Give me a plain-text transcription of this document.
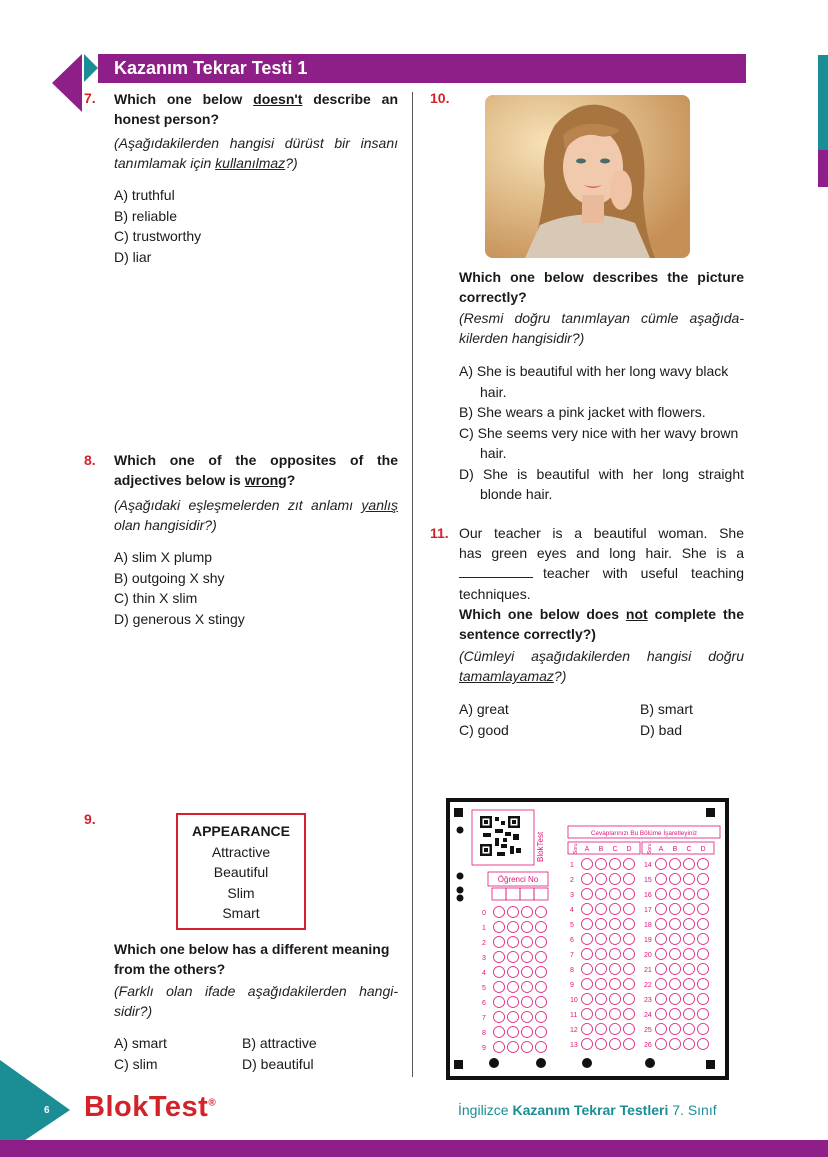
Kazanım Tekrar Testi 1
7. Which one below doesn't describe an
honest person?
(Aşağıdakilerden hangisi dürüst bir insanı
tanımlamak için kullanılmaz?)
A) truthful
B) reliable
C) trustworthy
D) liar
8. Which one of the opposites of the
adjectives below is wrong?
(Aşağıdaki eşleşmelerden zıt anlamı yanlış
olan hangisidir?)
A) slim X plump
B) outgoing X shy
C) thin X slim
D) generous X stingy
9.
APPEARANCE
Attractive
Beautiful
Slim
Smart
Which one below has a different meaning
from the others?
(Farklı olan ifade aşağıdakilerden hangi-
sidir?)
A) smart
C) slim
B) attractive
D) beautiful
10.
Which one below describes the picture
correctly?
(Resmi doğru tanımlayan cümle aşağıda-
kilerden hangisidir?)
A) She is beautiful with her long wavy black
hair.
B) She wears a pink jacket with flowers.
C) She seems very nice with her wavy brown
hair.
D) She is beautiful with her long straight
blonde hair.
11. Our teacher is a beautiful woman. She
has green eyes and long hair. She is a
teacher with useful teaching
techniques.
Which one below does not complete the
sentence correctly?)
(Cümleyi aşağıdakilerden hangisi doğru
tamamlayamaz?)
A) great
C) good
B) smart
D) bad
BlokTest
Öğrenci No
0
1
2
3
4
5
6
7
8
9
Cevaplarınızı Bu Bölüme İşaretleyiniz
Soru A B C D
1
2
3
4
5
6
7
8
9
10
11
12
13
Soru A B C D
14
15
16
17
18
19
20
21
22
23
24
25
26
6 BlokTest®	İngilizce Kazanım Tekrar Testleri 7. Sınıf
